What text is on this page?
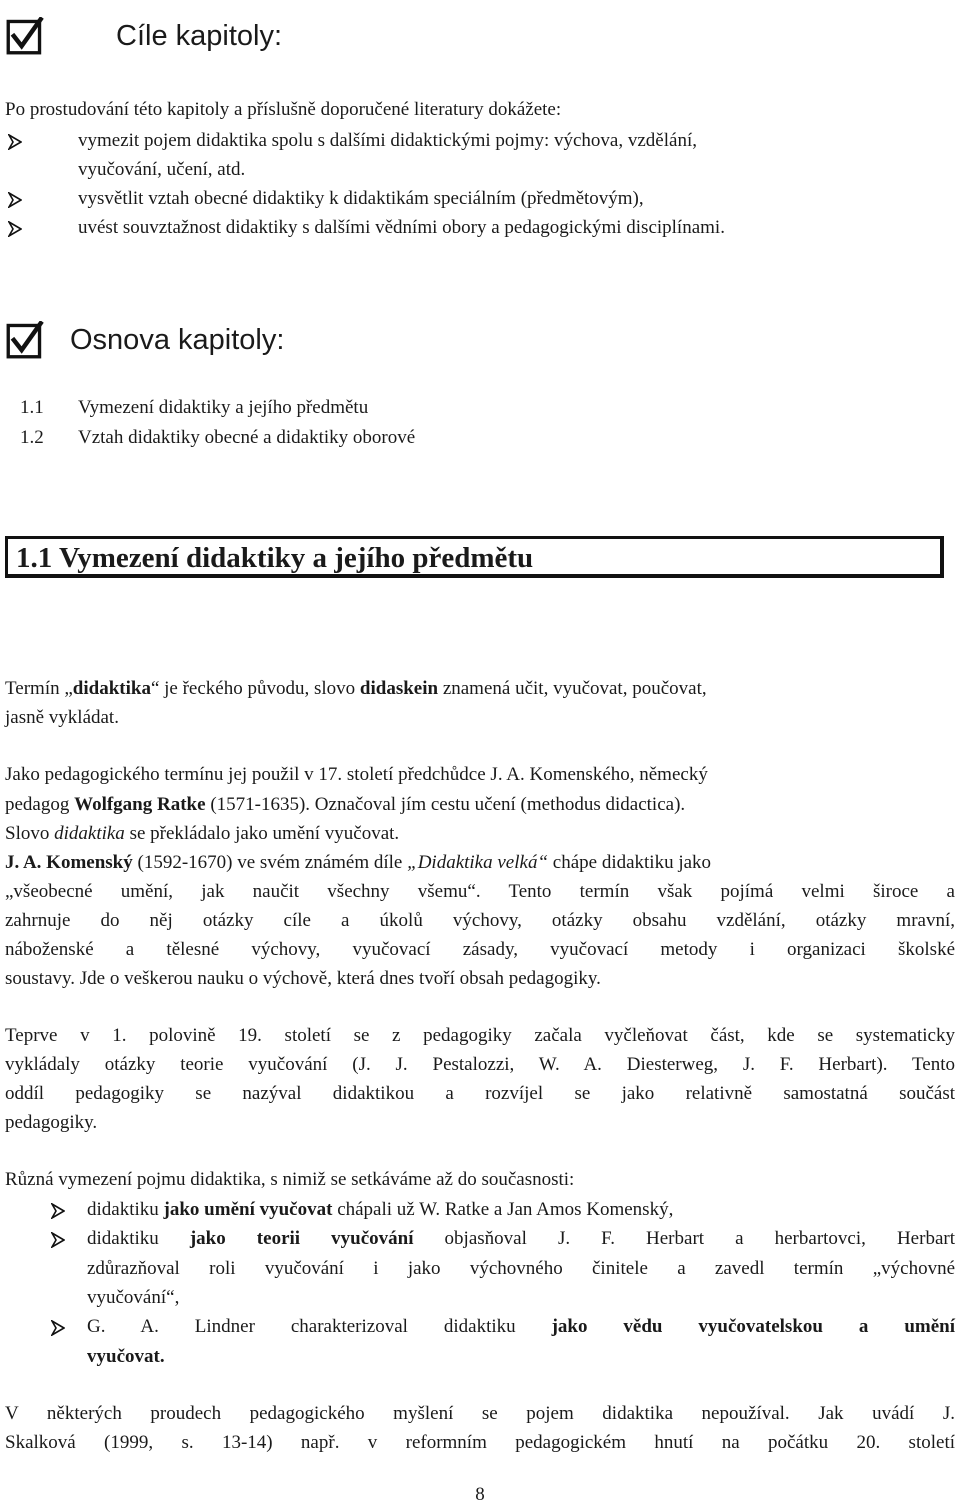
Cíle kapitoly:
Po prostudování této kapitoly a příslušně doporučené literatury dokážete:
vymezit pojem didaktika spolu s dalšími didaktickými pojmy: výchova, vzdělání,
vyučování, učení, atd.
vysvětlit vztah obecné didaktiky k didaktikám speciálním (předmětovým),
uvést souvztažnost didaktiky s dalšími vědními obory a pedagogickými disciplínami.
Osnova kapitoly:
1.1 Vymezení didaktiky a jejího předmětu
1.2 Vztah didaktiky obecné a didaktiky oborové
1.1 Vymezení didaktiky a jejího předmětu
Termín „didaktika“ je řeckého původu, slovo didaskein znamená učit, vyučovat, poučovat,
jasně vykládat.
Jako pedagogického termínu jej použil v 17. století předchůdce J. A. Komenského, německý
pedagog Wolfgang Ratke (1571-1635). Označoval jím cestu učení (methodus didactica).
Slovo didaktika se překládalo jako umění vyučovat.
J. A. Komenský (1592-1670) ve svém známém díle „Didaktika velká“ chápe didaktiku jako
„všeobecné umění, jak naučit všechny všemu“. Tento termín však pojímá velmi široce a
zahrnuje do něj otázky cíle a úkolů výchovy, otázky obsahu vzdělání, otázky mravní,
náboženské a tělesné výchovy, vyučovací zásady, vyučovací metody i organizaci školské
soustavy. Jde o veškerou nauku o výchově, která dnes tvoří obsah pedagogiky.
Teprve v 1. polovině 19. století se z pedagogiky začala vyčleňovat část, kde se systematicky
vykládaly otázky teorie vyučování (J. J. Pestalozzi, W. A. Diesterweg, J. F. Herbart). Tento
oddíl pedagogiky se nazýval didaktikou a rozvíjel se jako relativně samostatná součást
pedagogiky.
Různá vymezení pojmu didaktika, s nimiž se setkáváme až do současnosti:
didaktiku jako umění vyučovat chápali už W. Ratke a Jan Amos Komenský,
didaktiku jako teorii vyučování objasňoval J. F. Herbart a herbartovci, Herbart
zdůrazňoval roli vyučování i jako výchovného činitele a zavedl termín „výchovné
vyučování“,
G. A. Lindner charakterizoval didaktiku jako vědu vyučovatelskou a umění
vyučovat.
V některých proudech pedagogického myšlení se pojem didaktika nepoužíval. Jak uvádí J.
Skalková (1999, s. 13-14) např. v reformním pedagogickém hnutí na počátku 20. století
8
